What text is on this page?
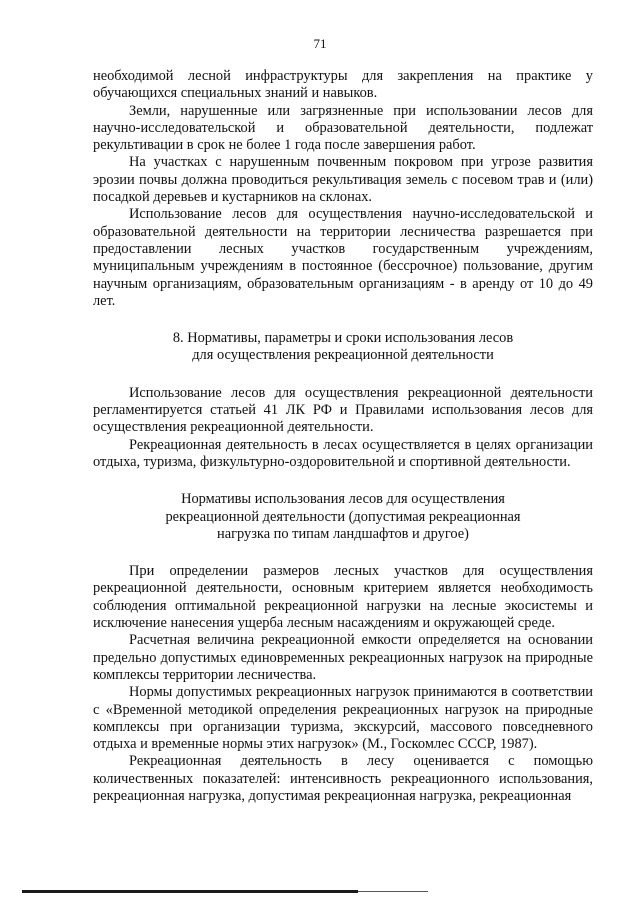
71

необходимой лесной инфраструктуры для закрепления на практике у обучающихся специальных знаний и навыков.

Земли, нарушенные или загрязненные при использовании лесов для научно-исследовательской и образовательной деятельности, подлежат рекультивации в срок не более 1 года после завершения работ.

На участках с нарушенным почвенным покровом при угрозе развития эрозии почвы должна проводиться рекультивация земель с посевом трав и (или) посадкой деревьев и кустарников на склонах.

Использование лесов для осуществления научно-исследовательской и образовательной деятельности на территории лесничества разрешается при предоставлении лесных участков государственным учреждениям, муниципальным учреждениям в постоянное (бессрочное) пользование, другим научным организациям, образовательным организациям - в аренду от 10 до 49 лет.

8. Нормативы, параметры и сроки использования лесов

для осуществления рекреационной деятельности

Использование лесов для осуществления рекреационной деятельности регламентируется статьей 41 ЛК РФ и Правилами использования лесов для осуществления рекреационной деятельности.

Рекреационная деятельность в лесах осуществляется в целях организации отдыха, туризма, физкультурно-оздоровительной и спортивной деятельности.

Нормативы использования лесов для осуществления

рекреационной деятельности (допустимая рекреационная

нагрузка по типам ландшафтов и другое)

При определении размеров лесных участков для осуществления рекреационной деятельности, основным критерием является необходимость соблюдения оптимальной рекреационной нагрузки на лесные экосистемы и исключение нанесения ущерба лесным насаждениям и окружающей среде.

Расчетная величина рекреационной емкости определяется на основании предельно допустимых единовременных рекреационных нагрузок на природные комплексы территории лесничества.

Нормы допустимых рекреационных нагрузок принимаются в соответствии с «Временной методикой определения рекреационных нагрузок на природные комплексы при организации туризма, экскурсий, массового повседневного отдыха и временные нормы этих нагрузок» (М., Госкомлес СССР, 1987).

Рекреационная деятельность в лесу оценивается с помощью количественных показателей: интенсивность рекреационного использования, рекреационная нагрузка, допустимая рекреационная нагрузка, рекреационная
